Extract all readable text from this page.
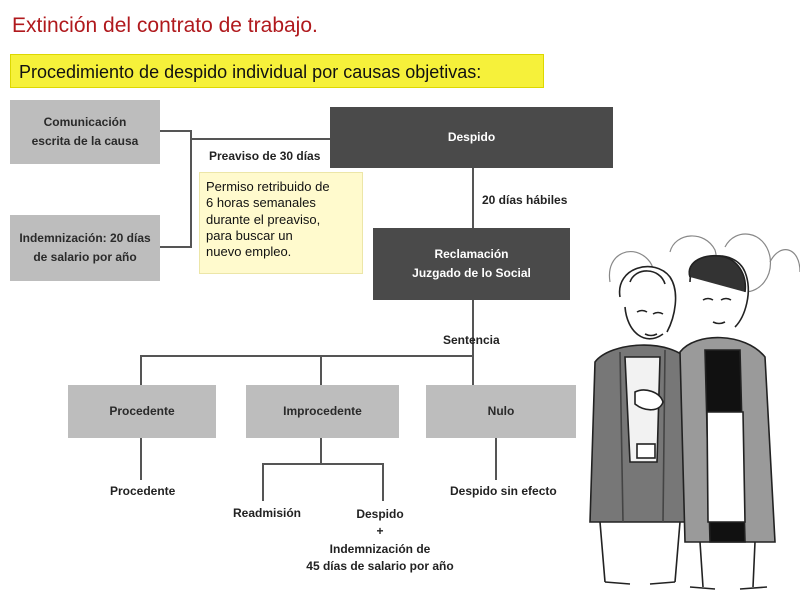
Extinción del contrato de trabajo.
Procedimiento de despido individual por causas objetivas:
Comunicación
escrita de la causa
Indemnización: 20 días
de salario por año
Despido
Reclamación
Juzgado de lo Social
Procedente	Improcedente	Nulo
Preaviso de 30 días
20 días hábiles
Sentencia
Procedente
Readmisión	Despido
+
Indemnización de
45 días de salario por año
Despido sin efecto
Permiso retribuido de
6 horas semanales
durante el preaviso,
para buscar un
nuevo empleo.
